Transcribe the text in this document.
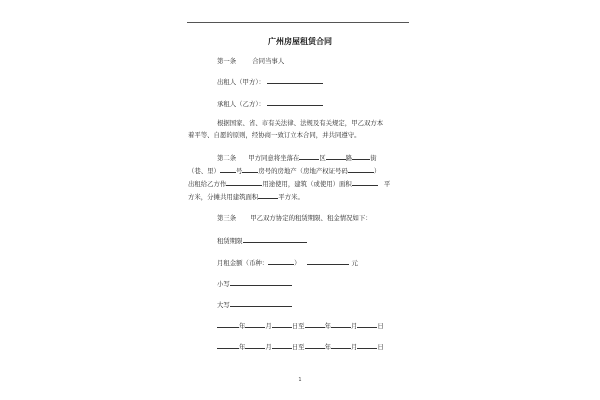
广州房屋租赁合同
第一条	合同当事人
出租人（甲方）：
承租人（乙方）：
根据国家、省、市有关法律、法规及有关规定，甲乙双方本
着平等、自愿的原则，经协商一致订立本合同，并共同遵守。
第二条 甲方同意将坐落在	区	路	街
（巷、里）	号	房号的房地产（房地产权证号码	）
出租给乙方作	用途使用，建筑（或使用）面积	平
方米，分摊共用建筑面积	平方米。
第三条 甲乙双方协定的租赁期限、租金情况如下：
租赁期限
月租金额（币种：	）	元
小写
大写
年	月	日至	年	月	日
年	月	日至	年	月	日
1
